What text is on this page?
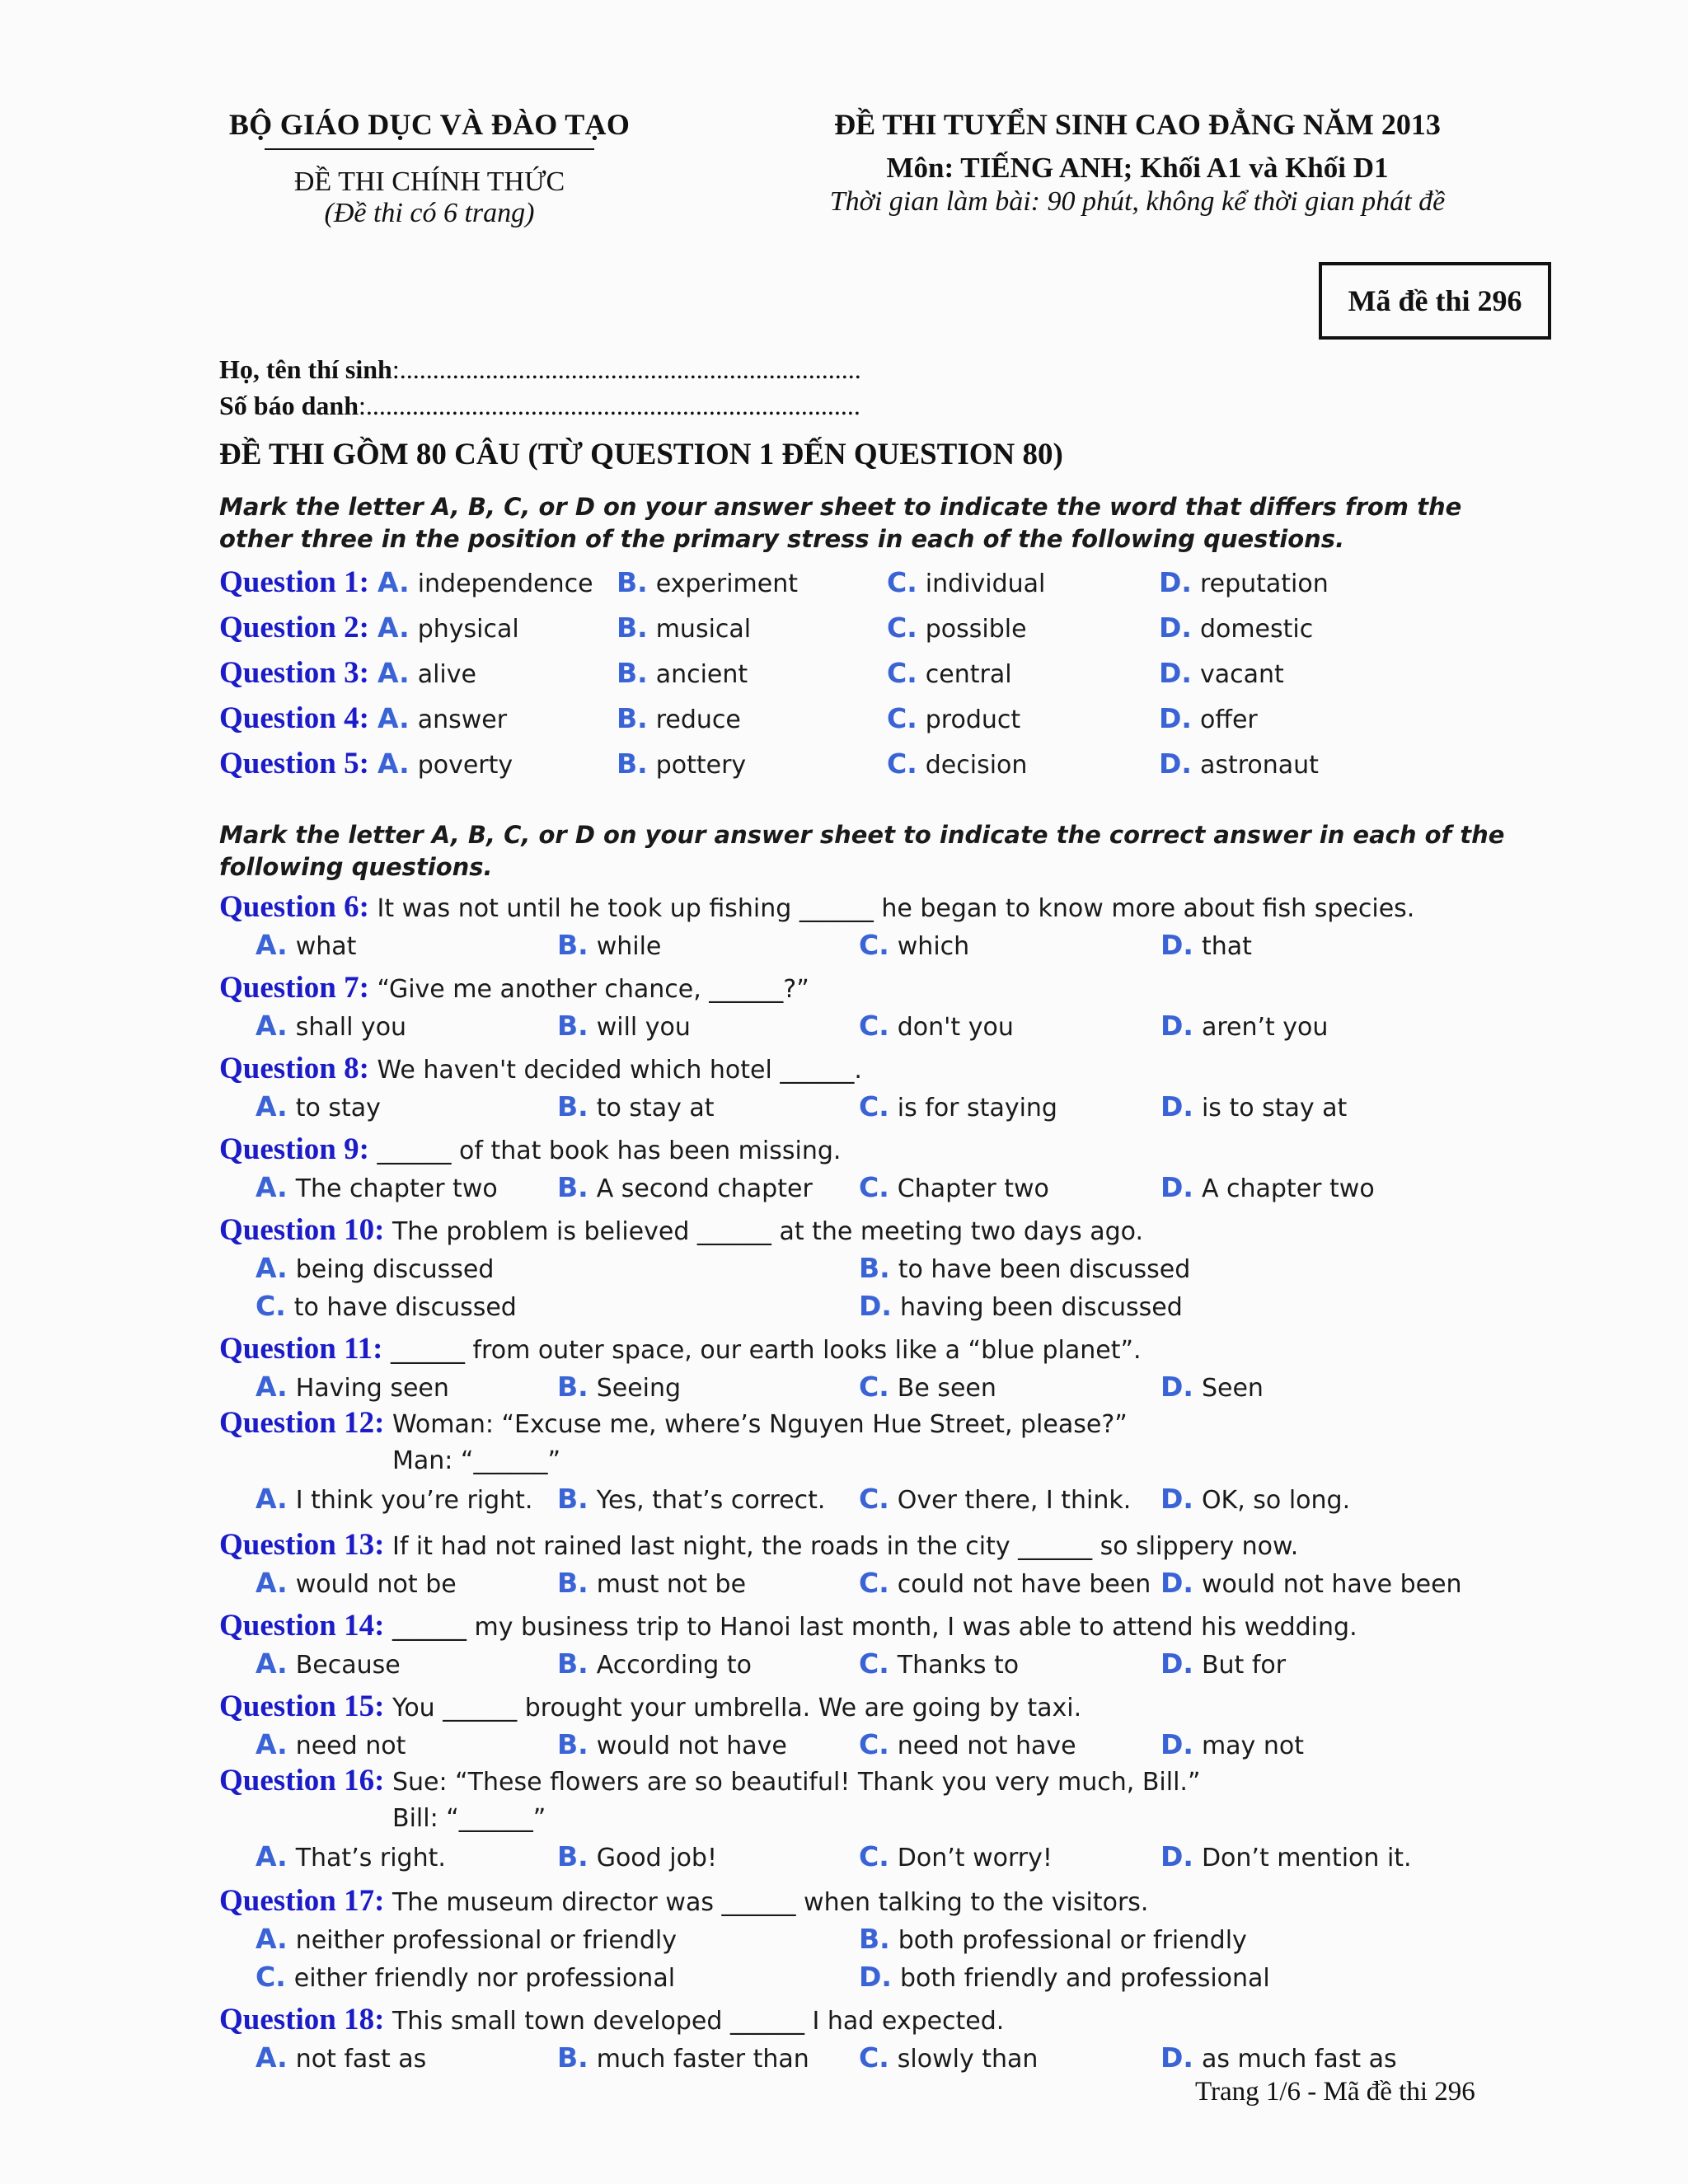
BỘ GIÁO DỤC VÀ ĐÀO TẠO
ĐỀ THI CHÍNH THỨC
(Đề thi có 6 trang)
ĐỀ THI TUYỂN SINH CAO ĐẲNG NĂM 2013
Môn: TIẾNG ANH; Khối A1 và Khối D1
Thời gian làm bài: 90 phút, không kể thời gian phát đề
Mã đề thi 296
Họ, tên thí sinh:......................................................................
Số báo danh:...........................................................................
ĐỀ THI GỒM 80 CÂU (TỪ QUESTION 1 ĐẾN QUESTION 80)
Mark the letter A, B, C, or D on your answer sheet to indicate the word that differs from the other three in the position of the primary stress in each of the following questions.
Question 1: A. independence B. experiment	C. individual	D. reputation
Question 2: A. physical	B. musical	C. possible	D. domestic
Question 3: A. alive	B. ancient	C. central	D. vacant
Question 4: A. answer	B. reduce	C. product	D. offer
Question 5: A. poverty	B. pottery	C. decision	D. astronaut
Mark the letter A, B, C, or D on your answer sheet to indicate the correct answer in each of the following questions.
Question 6: It was not until he took up fishing ______ he began to know more about fish species.
A. what	B. while	C. which	D. that
Question 7: “Give me another chance, ______?”
A. shall you	B. will you	C. don't you	D. aren’t you
Question 8: We haven't decided which hotel ______.
A. to stay	B. to stay at	C. is for staying	D. is to stay at
Question 9: ______ of that book has been missing.
A. The chapter two B. A second chapter C. Chapter two	D. A chapter two
Question 10: The problem is believed ______ at the meeting two days ago.
A. being discussed	B. to have been discussed
C. to have discussed	D. having been discussed
Question 11: ______ from outer space, our earth looks like a “blue planet”.
A. Having seen	B. Seeing	C. Be seen	D. Seen
Question 12: Woman: “Excuse me, where’s Nguyen Hue Street, please?”
Man: “______”
A. I think you’re right. B. Yes, that’s correct. C. Over there, I think. D. OK, so long.
Question 13: If it had not rained last night, the roads in the city ______ so slippery now.
A. would not be	B. must not be	C. could not have been D. would not have been
Question 14: ______ my business trip to Hanoi last month, I was able to attend his wedding.
A. Because	B. According to	C. Thanks to	D. But for
Question 15: You ______ brought your umbrella. We are going by taxi.
A. need not	B. would not have	C. need not have	D. may not
Question 16: Sue: “These flowers are so beautiful! Thank you very much, Bill.”
Bill: “______”
A. That’s right.	B. Good job!	C. Don’t worry!	D. Don’t mention it.
Question 17: The museum director was ______ when talking to the visitors.
A. neither professional or friendly	B. both professional or friendly
C. either friendly nor professional	D. both friendly and professional
Question 18: This small town developed ______ I had expected.
A. not fast as	B. much faster than C. slowly than	D. as much fast as
Trang 1/6 - Mã đề thi 296
